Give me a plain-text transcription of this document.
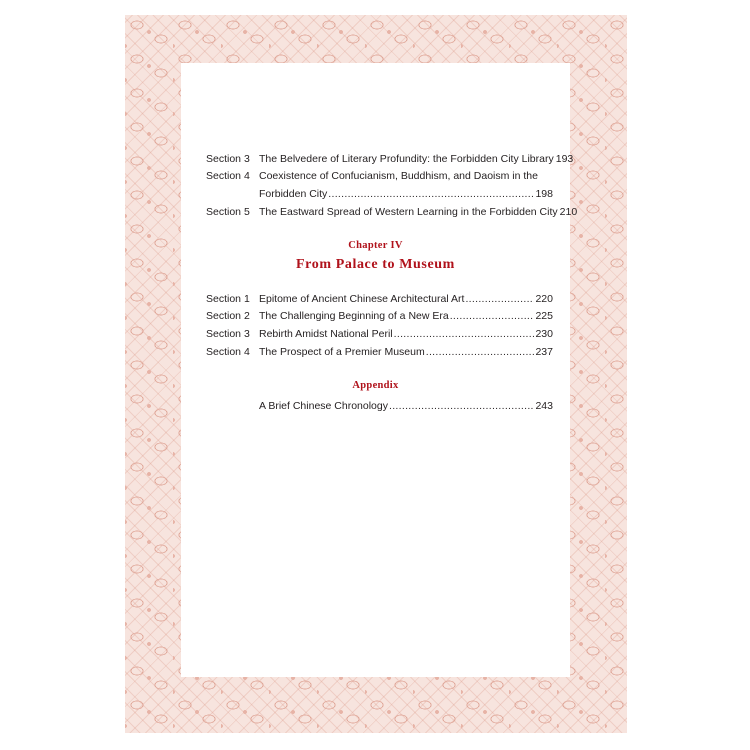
Section 3 The Belvedere of Literary Profundity: the Forbidden City Library 193
Section 4 Coexistence of Confucianism, Buddhism, and Daoism in the
Forbidden City .....	198
Section 5 The Eastward Spread of Western Learning in the Forbidden City 210
Chapter IV
From Palace to Museum
Section 1 Epitome of Ancient Chinese Architectural Art .....	220
Section 2 The Challenging Beginning of a New Era .....	225
Section 3 Rebirth Amidst National Peril .....	230
Section 4 The Prospect of a Premier Museum .....	237
Appendix
A Brief Chinese Chronology .....	243
